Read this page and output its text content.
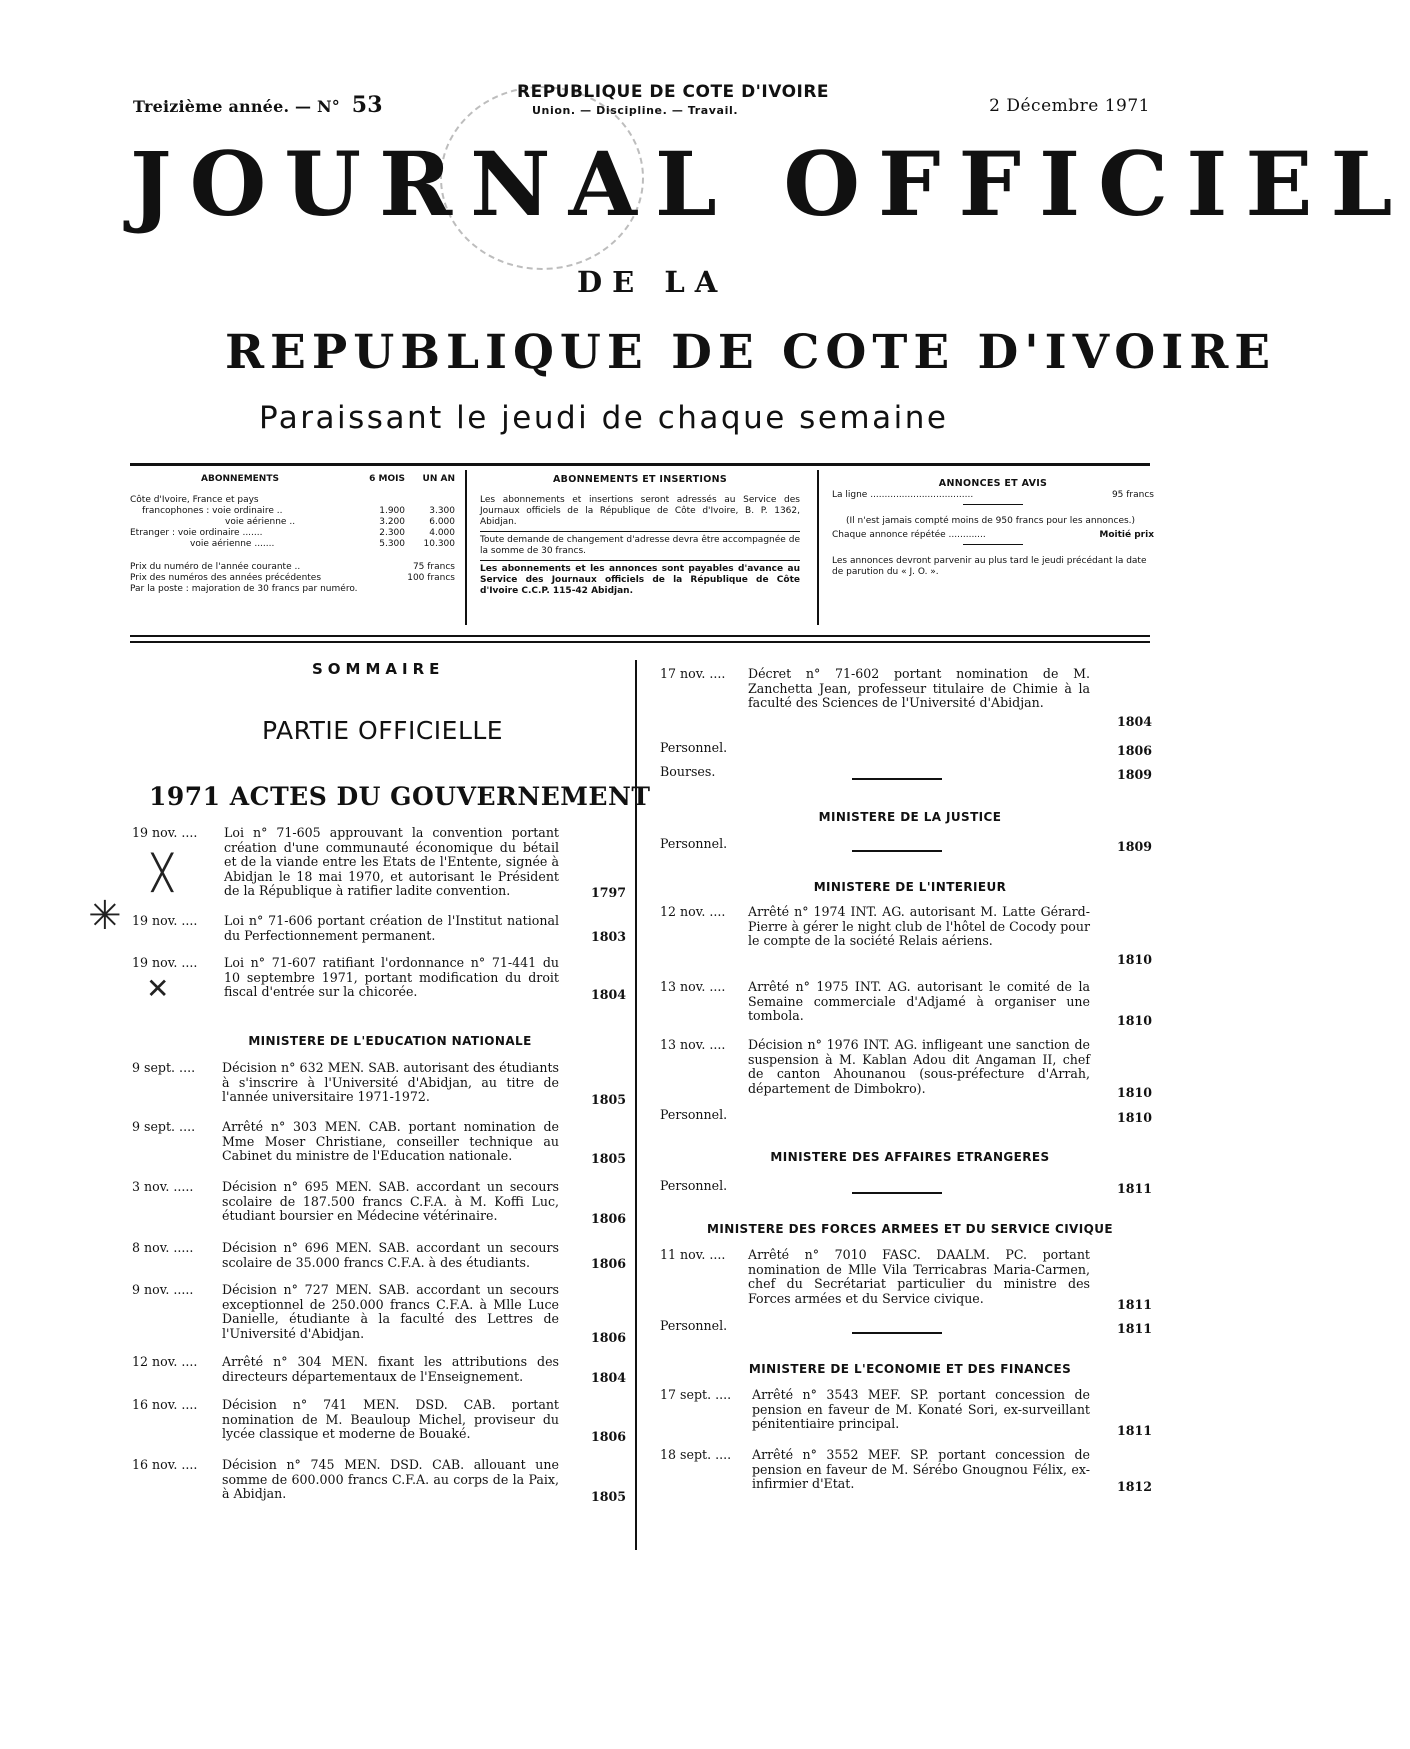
Treizième année. — N° 53	REPUBLIQUE DE COTE D'IVOIRE
Union. — Discipline. — Travail.	2 Décembre 1971
JOURNAL OFFICIEL
DE LA
REPUBLIQUE DE COTE D'IVOIRE
Paraissant le jeudi de chaque semaine
ABONNEMENTS	6 MOIS	UN AN
Côte d'Ivoire, France et pays
francophones : voie ordinaire ..	1.900	3.300
voie aérienne ..	3.200	6.000
Etranger : voie ordinaire .......	2.300	4.000
voie aérienne .......	5.300	10.300
Prix du numéro de l'année courante ..	75 francs
Prix des numéros des années précédentes	100 francs
Par la poste : majoration de 30 francs par numéro.
ABONNEMENTS ET INSERTIONS
Les abonnements et insertions seront adressés au Service des Journaux officiels de la République de Côte d'Ivoire, B. P. 1362, Abidjan.
Toute demande de changement d'adresse devra être accompagnée de la somme de 30 francs.
Les abonnements et les annonces sont payables d'avance au Service des Journaux officiels de la République de Côte d'Ivoire C.C.P. 115-42 Abidjan.
ANNONCES ET AVIS
La ligne ....................................	95 francs
(Il n'est jamais compté moins de 950 francs pour les annonces.)
Chaque annonce répétée .............	Moitié prix
Les annonces devront parvenir au plus tard le jeudi précédant la date de parution du « J. O. ».
SOMMAIRE
PARTIE OFFICIELLE
1971 ACTES DU GOUVERNEMENT
╳
✳
✕
19 nov. .... Loi n° 71-605 approuvant la convention portant création d'une communauté économique du bétail et de la viande entre les Etats de l'Entente, signée à Abidjan le 18 mai 1970, et autorisant le Président de la République à ratifier ladite convention.	1797
19 nov. .... Loi n° 71-606 portant création de l'Institut national du Perfectionnement permanent.	1803
19 nov. .... Loi n° 71-607 ratifiant l'ordonnance n° 71-441 du 10 septembre 1971, portant modification du droit fiscal d'entrée sur la chicorée.	1804
MINISTERE DE L'EDUCATION NATIONALE
9 sept. .... Décision n° 632 MEN. SAB. autorisant des étudiants à s'inscrire à l'Université d'Abidjan, au titre de l'année universitaire 1971-1972.	1805
9 sept. .... Arrêté n° 303 MEN. CAB. portant nomination de Mme Moser Christiane, conseiller technique au Cabinet du ministre de l'Education nationale.	1805
3 nov. ..... Décision n° 695 MEN. SAB. accordant un secours scolaire de 187.500 francs C.F.A. à M. Koffi Luc, étudiant boursier en Médecine vétérinaire.	1806
8 nov. ..... Décision n° 696 MEN. SAB. accordant un secours scolaire de 35.000 francs C.F.A. à des étudiants.	1806
9 nov. ..... Décision n° 727 MEN. SAB. accordant un secours exceptionnel de 250.000 francs C.F.A. à Mlle Luce Danielle, étudiante à la faculté des Lettres de l'Université d'Abidjan.	1806
12 nov. .... Arrêté n° 304 MEN. fixant les attributions des directeurs départementaux de l'Enseignement.	1804
16 nov. .... Décision n° 741 MEN. DSD. CAB. portant nomination de M. Beauloup Michel, proviseur du lycée classique et moderne de Bouaké.	1806
16 nov. .... Décision n° 745 MEN. DSD. CAB. allouant une somme de 600.000 francs C.F.A. au corps de la Paix, à Abidjan.	1805
17 nov. .... Décret n° 71-602 portant nomination de M. Zanchetta Jean, professeur titulaire de Chimie à la faculté des Sciences de l'Université d'Abidjan.
1804
Personnel.	1806
Bourses.	1809
MINISTERE DE LA JUSTICE
Personnel.	1809
MINISTERE DE L'INTERIEUR
12 nov. .... Arrêté n° 1974 INT. AG. autorisant M. Latte Gérard-Pierre à gérer le night club de l'hôtel de Cocody pour le compte de la société Relais aériens.
1810
13 nov. .... Arrêté n° 1975 INT. AG. autorisant le comité de la Semaine commerciale d'Adjamé à organiser une tombola.	1810
13 nov. .... Décision n° 1976 INT. AG. infligeant une sanction de suspension à M. Kablan Adou dit Angaman II, chef de canton Ahounanou (sous-préfecture d'Arrah, département de Dimbokro).	1810
Personnel.	1810
MINISTERE DES AFFAIRES ETRANGERES
Personnel.	1811
MINISTERE DES FORCES ARMEES ET DU SERVICE CIVIQUE
11 nov. .... Arrêté n° 7010 FASC. DAALM. PC. portant nomination de Mlle Vila Terricabras Maria-Carmen, chef du Secrétariat particulier du ministre des Forces armées et du Service civique.	1811
Personnel.	1811
MINISTERE DE L'ECONOMIE ET DES FINANCES
17 sept. .... Arrêté n° 3543 MEF. SP. portant concession de pension en faveur de M. Konaté Sori, ex-surveillant pénitentiaire principal.	1811
18 sept. .... Arrêté n° 3552 MEF. SP. portant concession de pension en faveur de M. Sérébo Gnougnou Félix, ex-infirmier d'Etat.	1812
